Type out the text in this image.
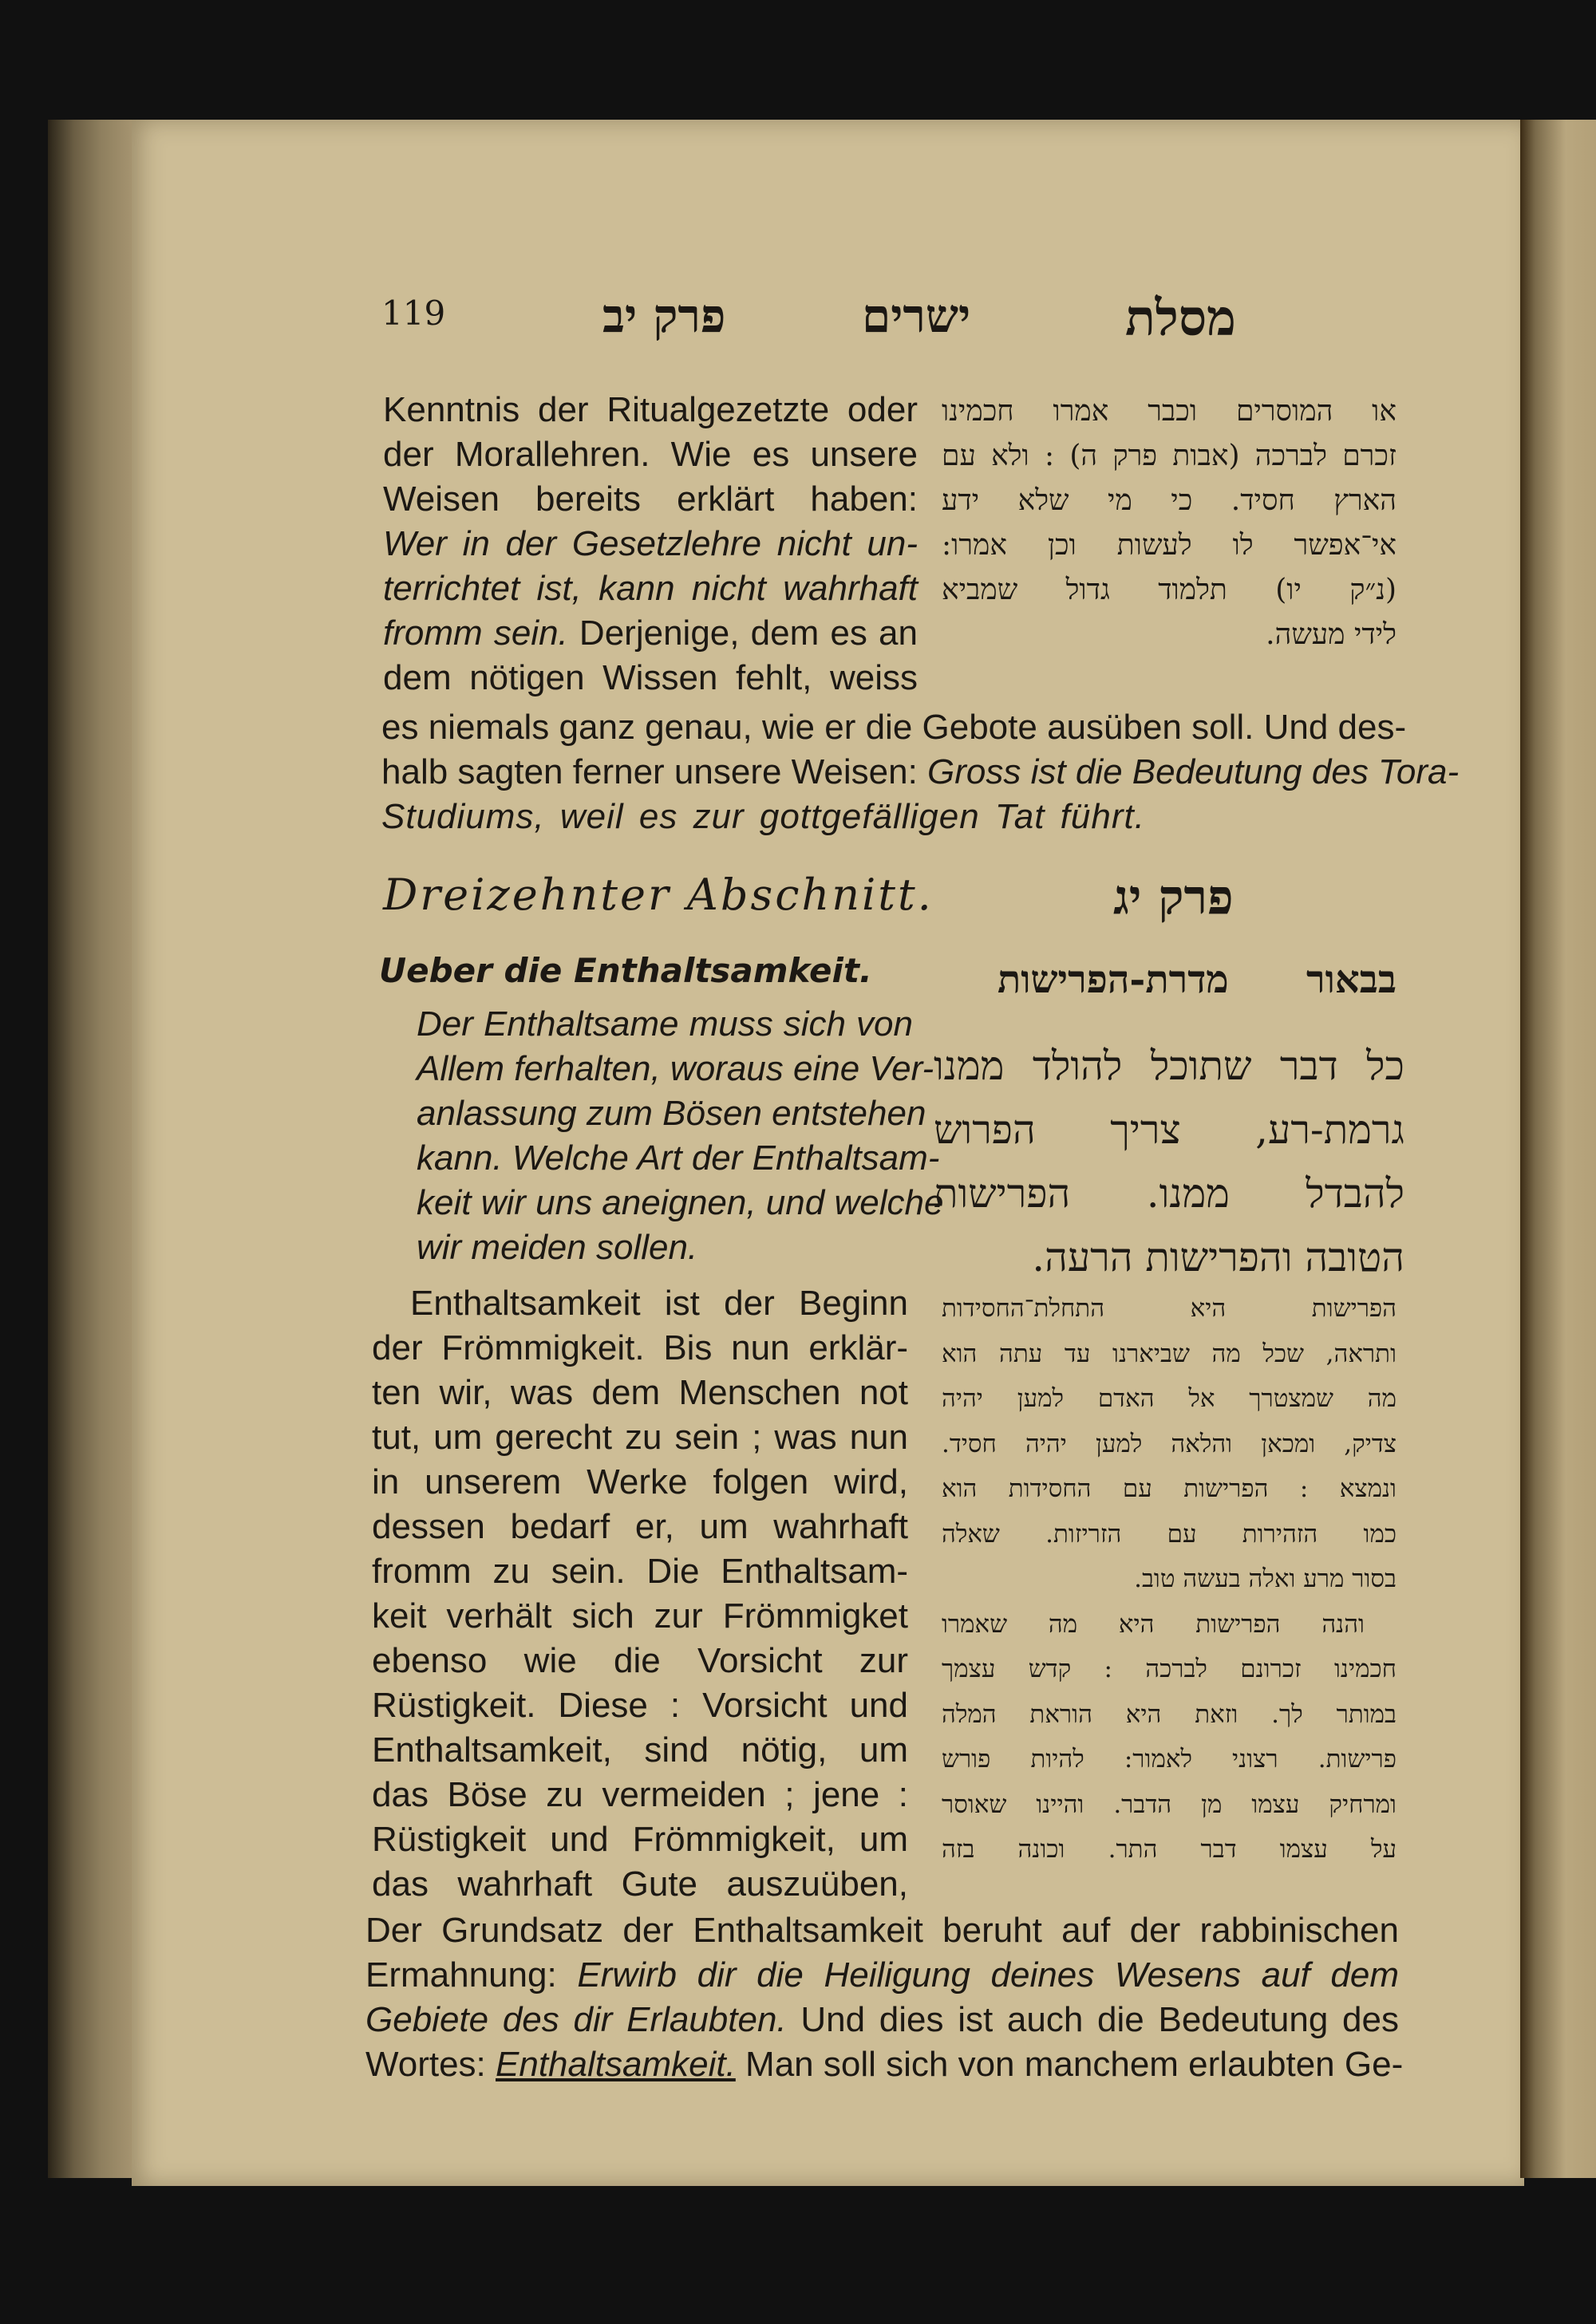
119	פרק יב	ישרים	מסלת
Kenntnis der Ritualgezetzte oder
der Morallehren. Wie es unsere
Weisen bereits erklärt haben:
Wer in der Gesetzlehre nicht un-
terrichtet ist, kann nicht wahrhaft
fromm sein. Derjenige, dem es an
dem nötigen Wissen fehlt, weiss
או המוסרים וכבר אמרו חכמינו
זכרם לברכה (אבות פרק ה) : ולא עם
הארץ חסיד. כי מי שלא ידע
אי־אפשר לו לעשות וכן אמרו:
(נ״ק יו) תלמוד גדול שמביא
לידי מעשה.
es niemals ganz genau, wie er die Gebote ausüben soll. Und des-
halb sagten ferner unsere Weisen: Gross ist die Bedeutung des Tora-
Studiums, weil es zur gottgefälligen Tat führt.
Dreizehnter Abschnitt.	פרק יג
Ueber die Enthaltsamkeit.	בבאור מדרת-הפרישות
Der Enthaltsame muss sich von
Allem ferhalten, woraus eine Ver-
anlassung zum Bösen entstehen
kann. Welche Art der Enthaltsam-
keit wir uns aneignen, und welche
wir meiden sollen.
כל דבר שתוכל להולד ממנו
גרמת-רע, צריך הפרוש
להבדל ממנו. הפרישות
הטובה והפרישות הרעה.
Enthaltsamkeit ist der Beginn
der Frömmigkeit. Bis nun erklär-
ten wir, was dem Menschen not
tut, um gerecht zu sein ; was nun
in unserem Werke folgen wird,
dessen bedarf er, um wahrhaft
fromm zu sein. Die Enthaltsam-
keit verhält sich zur Frömmigket
ebenso wie die Vorsicht zur
Rüstigkeit. Diese : Vorsicht und
Enthaltsamkeit, sind nötig, um
das Böse zu vermeiden ; jene :
Rüstigkeit und Frömmigkeit, um
das wahrhaft Gute auszuüben,
הפרישות היא התחלת־החסידות
ותראה, שכל מה שביארנו עד עתה הוא
מה שמצטרך אל האדם למען יהיה
צדיק, ומכאן והלאה למען יהיה חסיד.
ונמצא : הפרישות עם החסידות הוא
כמו הזהירות עם הזריזות. שאלה
בסור מרע ואלה בעשה טוב.
והנה הפרישות היא מה שאמרו
חכמינו זכרונם לברכה : קדש עצמך
במותר לך. וזאת היא הוראת המלה
פרישות. רצוני לאמור: להיות פורש
ומרחיק עצמו מן הדבר. והיינו שאוסר
על עצמו דבר התר. וכונה בזה
Der Grundsatz der Enthaltsamkeit beruht auf der rabbinischen
Ermahnung: Erwirb dir die Heiligung deines Wesens auf dem
Gebiete des dir Erlaubten. Und dies ist auch die Bedeutung des
Wortes: Enthaltsamkeit. Man soll sich von manchem erlaubten Ge-
